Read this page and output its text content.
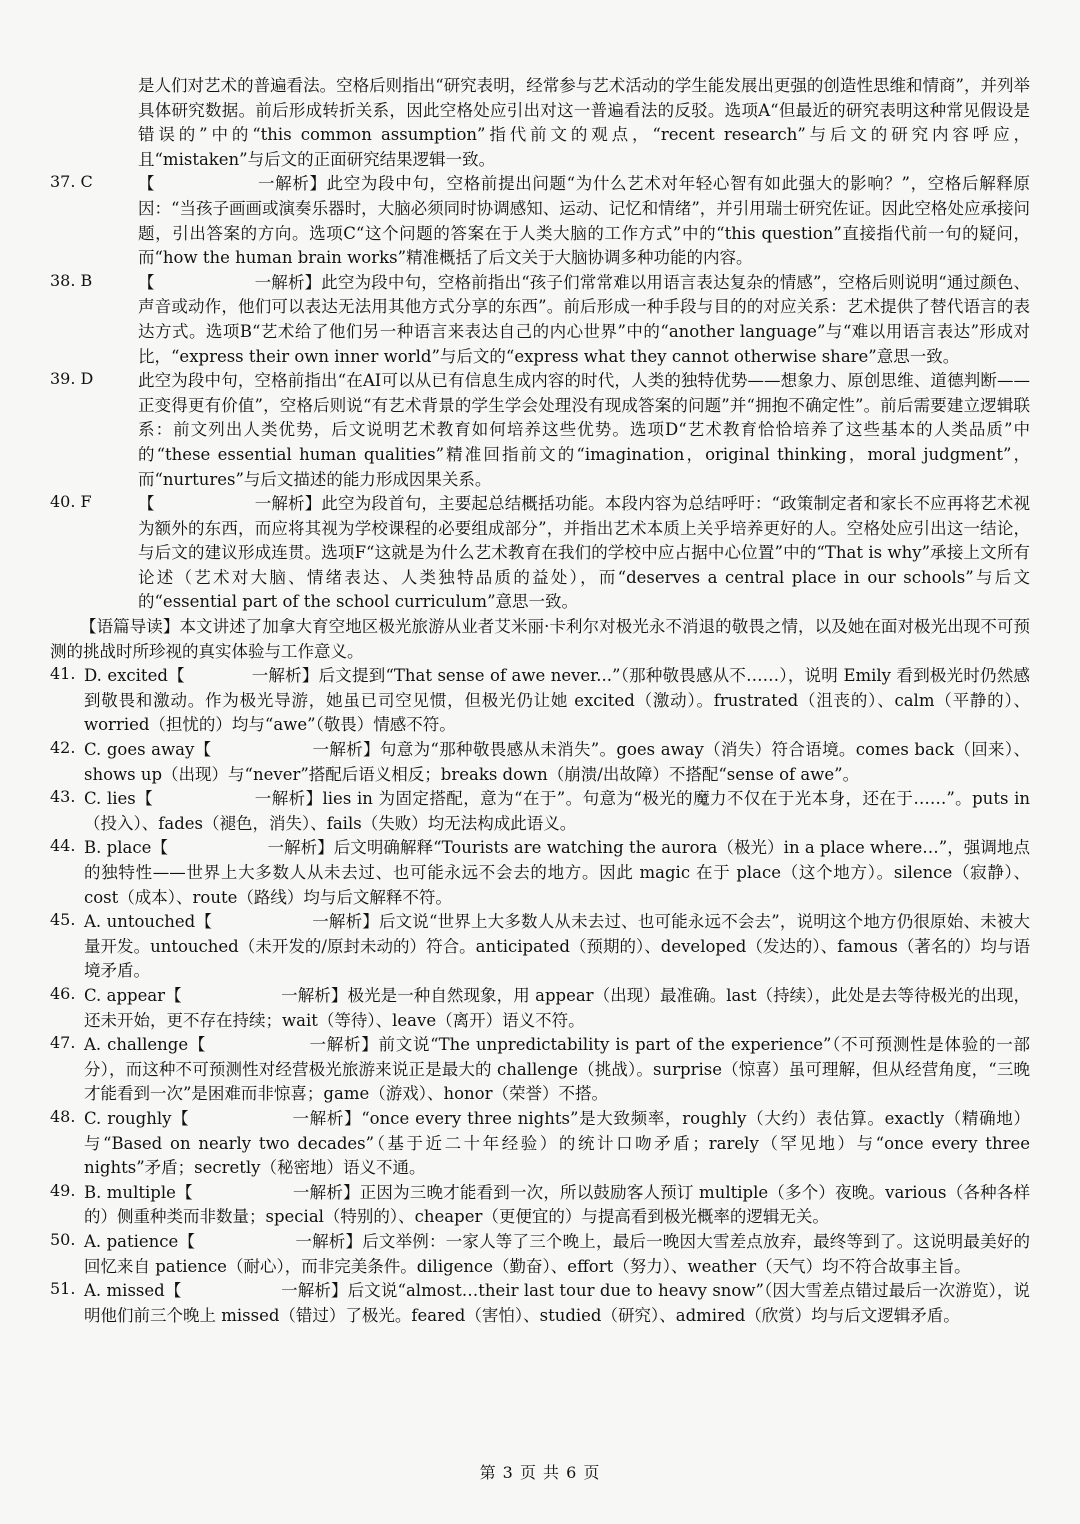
是人们对艺术的普遍看法。空格后则指出“研究表明，经常参与艺术活动的学生能发展出更强的创造性思维和情商”，并列举具体研究数据。前后形成转折关系，因此空格处应引出对这一普遍看法的反驳。选项A“但最近的研究表明这种常见假设是错误的”中的“this common assumption”指代前文的观点，“recent research”与后文的研究内容呼应，且“mistaken”与后文的正面研究结果逻辑一致。

37. C	【　　　　　　一解析】此空为段中句，空格前提出问题“为什么艺术对年轻心智有如此强大的影响？”，空格后解释原因：“当孩子画画或演奏乐器时，大脑必须同时协调感知、运动、记忆和情绪”，并引用瑞士研究佐证。因此空格处应承接问题，引出答案的方向。选项C“这个问题的答案在于人类大脑的工作方式”中的“this question”直接指代前一句的疑问，而“how the human brain works”精准概括了后文关于大脑协调多种功能的内容。

38. B	【　　　　　　一解析】此空为段中句，空格前指出“孩子们常常难以用语言表达复杂的情感”，空格后则说明“通过颜色、声音或动作，他们可以表达无法用其他方式分享的东西”。前后形成一种手段与目的的对应关系：艺术提供了替代语言的表达方式。选项B“艺术给了他们另一种语言来表达自己的内心世界”中的“another language”与“难以用语言表达”形成对比，“express their own inner world”与后文的“express what they cannot otherwise share”意思一致。

39. D	此空为段中句，空格前指出“在AI可以从已有信息生成内容的时代，人类的独特优势——想象力、原创思维、道德判断——正变得更有价值”，空格后则说“有艺术背景的学生学会处理没有现成答案的问题”并“拥抱不确定性”。前后需要建立逻辑联系：前文列出人类优势，后文说明艺术教育如何培养这些优势。选项D“艺术教育恰恰培养了这些基本的人类品质”中的“these essential human qualities”精准回指前文的“imagination，original thinking，moral judgment”，而“nurtures”与后文描述的能力形成因果关系。

40. F	【　　　　　　一解析】此空为段首句，主要起总结概括功能。本段内容为总结呼吁：“政策制定者和家长不应再将艺术视为额外的东西，而应将其视为学校课程的必要组成部分”，并指出艺术本质上关乎培养更好的人。空格处应引出这一结论，与后文的建议形成连贯。选项F“这就是为什么艺术教育在我们的学校中应占据中心位置”中的“That is why”承接上文所有论述（艺术对大脑、情绪表达、人类独特品质的益处），而“deserves a central place in our schools”与后文的“essential part of the school curriculum”意思一致。

【语篇导读】本文讲述了加拿大育空地区极光旅游从业者艾米丽·卡利尔对极光永不消退的敬畏之情，以及她在面对极光出现不可预测的挑战时所珍视的真实体验与工作意义。

41. D. excited【　　　　一解析】后文提到“That sense of awe never...”（那种敬畏感从不……），说明 Emily 看到极光时仍然感到敬畏和激动。作为极光导游，她虽已司空见惯，但极光仍让她 excited（激动）。frustrated（沮丧的）、calm（平静的）、worried（担忧的）均与“awe”（敬畏）情感不符。

42. C. goes away【　　　　　　一解析】句意为“那种敬畏感从未消失”。goes away（消失）符合语境。comes back（回来）、shows up（出现）与“never”搭配后语义相反；breaks down（崩溃/出故障）不搭配“sense of awe”。

43. C. lies【　　　　　　一解析】lies in 为固定搭配，意为“在于”。句意为“极光的魔力不仅在于光本身，还在于……”。puts in（投入）、fades（褪色，消失）、fails（失败）均无法构成此语义。

44. B. place【　　　　　　一解析】后文明确解释“Tourists are watching the aurora（极光）in a place where…”，强调地点的独特性——世界上大多数人从未去过、也可能永远不会去的地方。因此 magic 在于 place（这个地方）。silence（寂静）、cost（成本）、route（路线）均与后文解释不符。

45. A. untouched【　　　　　　一解析】后文说“世界上大多数人从未去过、也可能永远不会去”，说明这个地方仍很原始、未被大量开发。untouched（未开发的/原封未动的）符合。anticipated（预期的）、developed（发达的）、famous（著名的）均与语境矛盾。

46. C. appear【　　　　　　一解析】极光是一种自然现象，用 appear（出现）最准确。last（持续），此处是去等待极光的出现，还未开始，更不存在持续；wait（等待）、leave（离开）语义不符。

47. A. challenge【　　　　　　一解析】前文说“The unpredictability is part of the experience”（不可预测性是体验的一部分），而这种不可预测性对经营极光旅游来说正是最大的 challenge（挑战）。surprise（惊喜）虽可理解，但从经营角度，“三晚才能看到一次”是困难而非惊喜；game（游戏）、honor（荣誉）不搭。

48. C. roughly【　　　　　　一解析】“once every three nights”是大致频率，roughly（大约）表估算。exactly（精确地）与“Based on nearly two decades”（基于近二十年经验）的统计口吻矛盾；rarely（罕见地）与“once every three nights”矛盾；secretly（秘密地）语义不通。

49. B. multiple【　　　　　　一解析】正因为三晚才能看到一次，所以鼓励客人预订 multiple（多个）夜晚。various（各种各样的）侧重种类而非数量；special（特别的）、cheaper（更便宜的）与提高看到极光概率的逻辑无关。

50. A. patience【　　　　　　一解析】后文举例：一家人等了三个晚上，最后一晚因大雪差点放弃，最终等到了。这说明最美好的回忆来自 patience（耐心），而非完美条件。diligence（勤奋）、effort（努力）、weather（天气）均不符合故事主旨。

51. A. missed【　　　　　　一解析】后文说“almost…their last tour due to heavy snow”（因大雪差点错过最后一次游览），说明他们前三个晚上 missed（错过）了极光。feared（害怕）、studied（研究）、admired（欣赏）均与后文逻辑矛盾。

第 3 页 共 6 页
